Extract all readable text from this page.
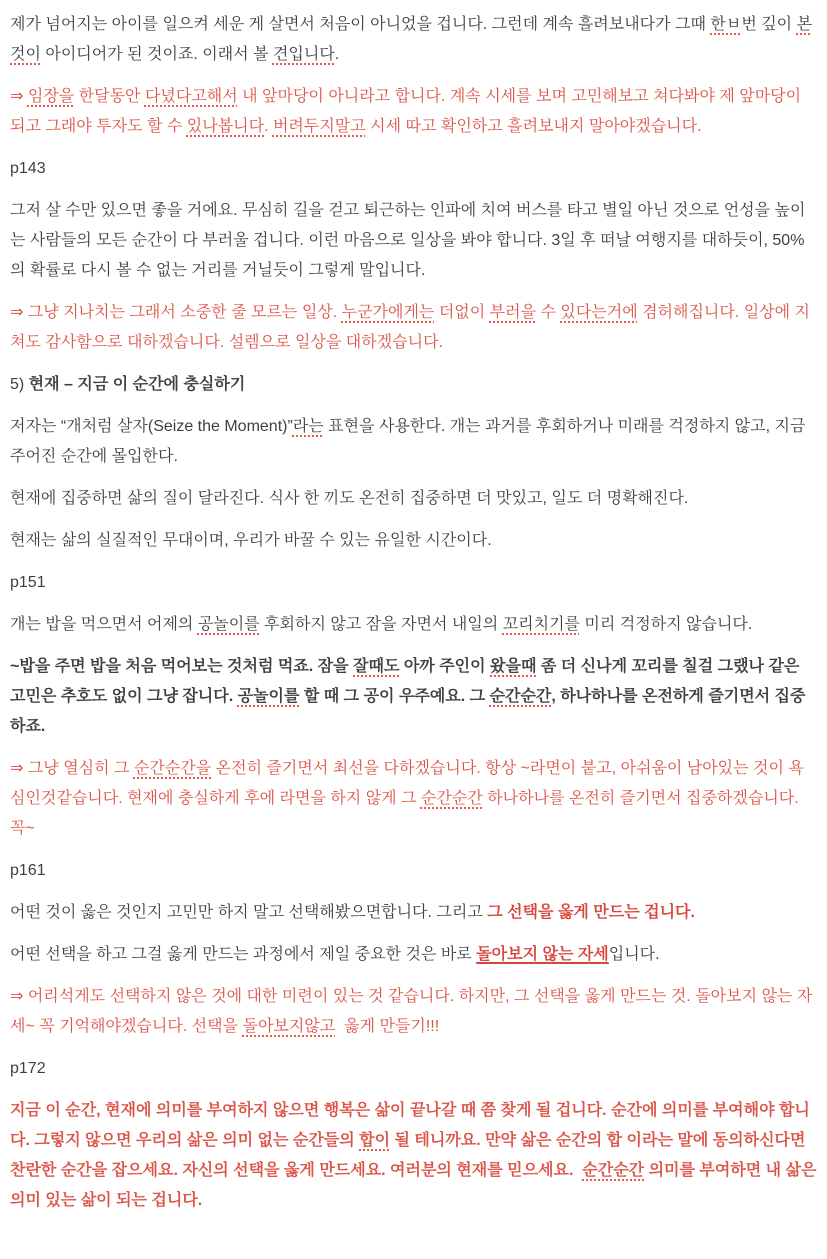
제가 넘어지는 아이를 일으켜 세운 게 살면서 처음이 아니었을 겁니다. 그런데 계속 흘려보내다가 그때 한ㅂ번 깊이 본것이 아이디어가 된 것이죠. 이래서 볼 견입니다.

⇒ 임장을 한달동안 다녔다고해서 내 앞마당이 아니라고 합니다. 계속 시세를 보며 고민해보고 쳐다봐야 제 앞마당이 되고 그래야 투자도 할 수 있나봅니다. 버려두지말고 시세 따고 확인하고 흘려보내지 말아야겠습니다.

p143

그저 살 수만 있으면 좋을 거에요. 무심히 길을 걷고 퇴근하는 인파에 치여 버스를 타고 별일 아닌 것으로 언성을 높이는 사람들의 모든 순간이 다 부러울 겁니다. 이런 마음으로 일상을 봐야 합니다. 3일 후 떠날 여행지를 대하듯이, 50%의 확률로 다시 볼 수 없는 거리를 거닐듯이 그렇게 말입니다.

⇒ 그냥 지나치는 그래서 소중한 줄 모르는 일상. 누군가에게는 더없이 부러을 수 있다는거에 겸허해집니다. 일상에 지쳐도 감사함으로 대하겠습니다. 설렘으로 일상을 대하겠습니다.

5) 현재 – 지금 이 순간에 충실하기

저자는 “개처럼 살자(Seize the Moment)”라는 표현을 사용한다. 개는 과거를 후회하거나 미래를 걱정하지 않고, 지금 주어진 순간에 몰입한다.

현재에 집중하면 삶의 질이 달라진다. 식사 한 끼도 온전히 집중하면 더 맛있고, 일도 더 명확해진다.

현재는 삶의 실질적인 무대이며, 우리가 바꿀 수 있는 유일한 시간이다.

p151

개는 밥을 먹으면서 어제의 공놀이를 후회하지 않고 잠을 자면서 내일의 꼬리치기를 미리 걱정하지 않습니다.

~밥을 주면 밥을 처음 먹어보는 것처럼 먹죠. 잠을 잘때도 아까 주인이 왔을때 좀 더 신나게 꼬리를 칠걸 그랬나 같은 고민은 추호도 없이 그냥 잡니다. 공놀이를 할 때 그 공이 우주예요. 그 순간순간, 하나하나를 온전하게 즐기면서 집중하죠.

⇒ 그냥 열심히 그 순간순간을 온전히 즐기면서 최선을 다하겠습니다. 항상 ~라면이 붙고, 아쉬움이 남아있는 것이 욕심인것같습니다. 현재에 충실하게 후에 라면을 하지 않게 그 순간순간 하나하나를 온전히 즐기면서 집중하겠습니다. 꼭~

p161

어떤 것이 옳은 것인지 고민만 하지 말고 선택해봤으면합니다. 그리고 그 선택을 옳게 만드는 겁니다.

어떤 선택을 하고 그걸 옳게 만드는 과정에서 제일 중요한 것은 바로 돌아보지 않는 자세입니다.

⇒ 어리석게도 선택하지 않은 것에 대한 미련이 있는 것 같습니다. 하지만, 그 선택을 옳게 만드는 것. 돌아보지 않는 자세~ 꼭 기억해야겠습니다. 선택을 돌아보지않고  옳게 만들기!!!

p172

지금 이 순간, 현재에 의미를 부여하지 않으면 행복은 삶이 끝나갈 때 쯤 찾게 될 겁니다. 순간에 의미를 부여해야 합니다. 그렇지 않으면 우리의 삶은 의미 없는 순간들의 합이 될 테니까요. 만약 삶은 순간의 합 이라는 말에 동의하신다면 찬란한 순간을 잡으세요. 자신의 선택을 옳게 만드세요. 여러분의 현재를 믿으세요.  순간순간 의미를 부여하면 내 삶은 의미 있는 삶이 되는 겁니다.
